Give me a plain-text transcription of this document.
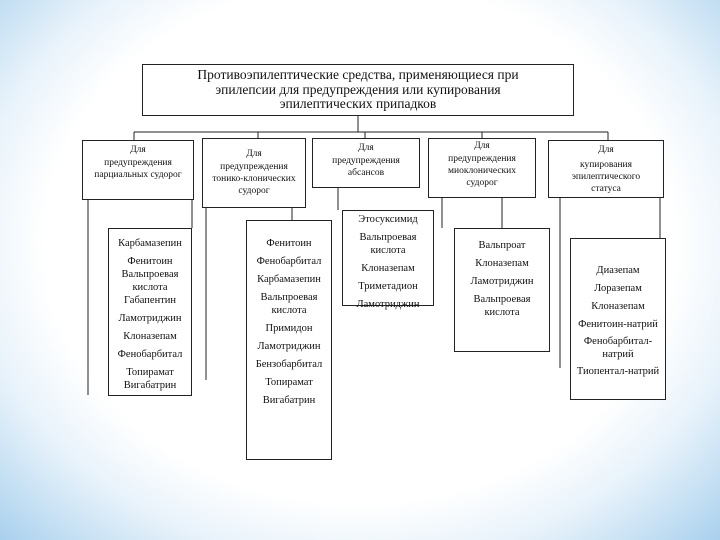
Противоэпилептические средства, применяющиеся при
эпилепсии для предупреждения или купирования
эпилептических припадков
Для
предупреждения
парциальных судорог
Для
предупреждения
тонико-клонических
судорог
Для
предупреждения
абсансов
Для
предупреждения
миоклонических
судорог
Для
купирования
эпилептического
статуса
Карбамазепин
Фенитоин
Вальпроевая
кислота
Габапентин
Ламотриджин
Клоназепам
Фенобарбитал
Топирамат
Вигабатрин
Фенитоин
Фенобарбитал
Карбамазепин
Вальпроевая
кислота
Примидон
Ламотриджин
Бензобарбитал
Топирамат
Вигабатрин
Этосуксимид
Вальпроевая
кислота
Клоназепам
Триметадион
Ламотриджин
Вальпроат
Клоназепам
Ламотриджин
Вальпроевая
кислота
Диазепам
Лоразепам
Клоназепам
Фенитоин-натрий
Фенобарбитал-
натрий
Тиопентал-натрий
